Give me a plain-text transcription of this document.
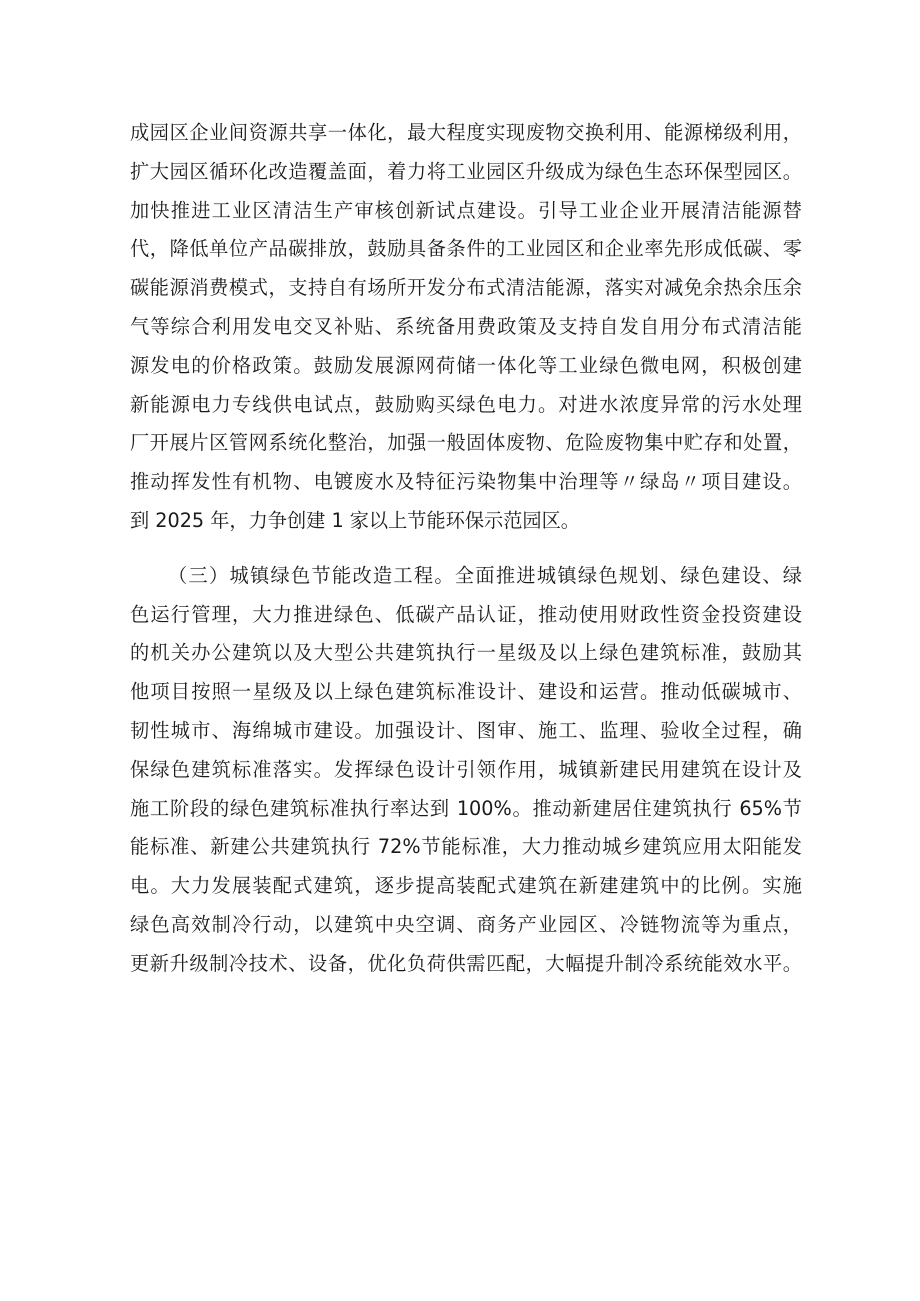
成园区企业间资源共享一体化，最大程度实现废物交换利用、能源梯级利用，
扩大园区循环化改造覆盖面，着力将工业园区升级成为绿色生态环保型园区。
加快推进工业区清洁生产审核创新试点建设。引导工业企业开展清洁能源替
代，降低单位产品碳排放，鼓励具备条件的工业园区和企业率先形成低碳、零
碳能源消费模式，支持自有场所开发分布式清洁能源，落实对减免余热余压余
气等综合利用发电交叉补贴、系统备用费政策及支持自发自用分布式清洁能
源发电的价格政策。鼓励发展源网荷储一体化等工业绿色微电网，积极创建
新能源电力专线供电试点，鼓励购买绿色电力。对进水浓度异常的污水处理
厂开展片区管网系统化整治，加强一般固体废物、危险废物集中贮存和处置，
推动挥发性有机物、电镀废水及特征污染物集中治理等〃绿岛〃项目建设。
到 2025 年，力争创建 1 家以上节能环保示范园区。
（三）城镇绿色节能改造工程。全面推进城镇绿色规划、绿色建设、绿
色运行管理，大力推进绿色、低碳产品认证，推动使用财政性资金投资建设
的机关办公建筑以及大型公共建筑执行一星级及以上绿色建筑标准，鼓励其
他项目按照一星级及以上绿色建筑标准设计、建设和运营。推动低碳城市、
韧性城市、海绵城市建设。加强设计、图审、施工、监理、验收全过程，确
保绿色建筑标准落实。发挥绿色设计引领作用，城镇新建民用建筑在设计及
施工阶段的绿色建筑标准执行率达到 100%。推动新建居住建筑执行 65%节
能标准、新建公共建筑执行 72%节能标准，大力推动城乡建筑应用太阳能发
电。大力发展装配式建筑，逐步提高装配式建筑在新建建筑中的比例。实施
绿色高效制冷行动，以建筑中央空调、商务产业园区、冷链物流等为重点，
更新升级制冷技术、设备，优化负荷供需匹配，大幅提升制冷系统能效水平。
